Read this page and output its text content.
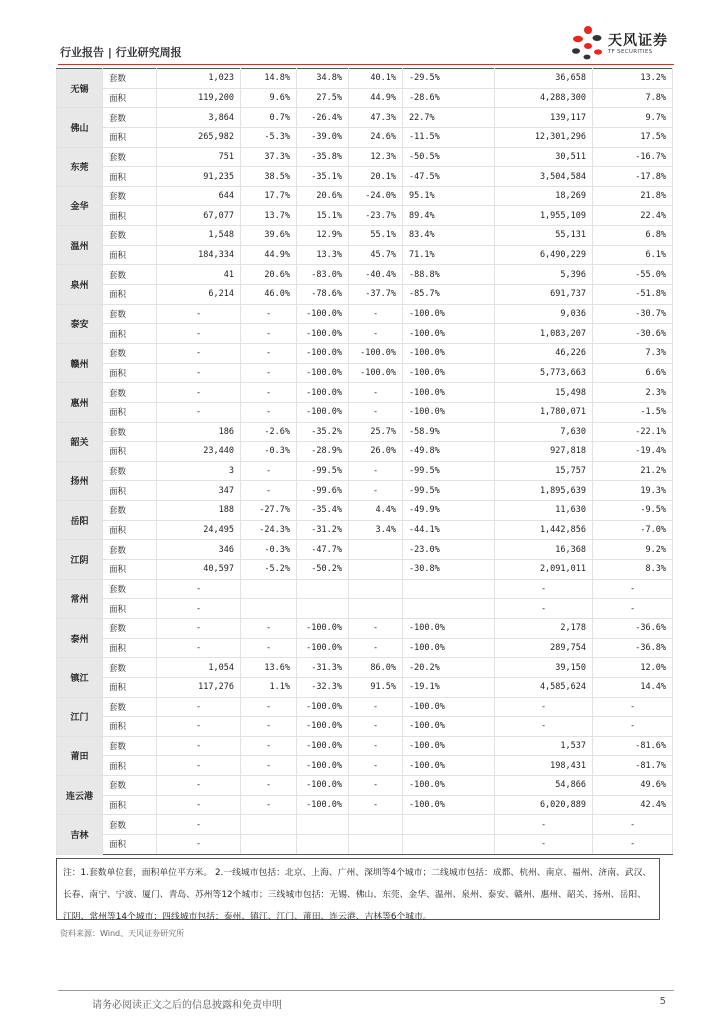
行业报告 | 行业研究周报
天风证券
TF SECURITIES
无锡	套数	1,023	14.8%	34.8%	40.1%	-29.5%	36,658	13.2%
	面积	119,200	9.6%	27.5%	44.9%	-28.6%	4,288,300	7.8%
佛山	套数	3,864	0.7%	-26.4%	47.3%	22.7%	139,117	9.7%
	面积	265,982	-5.3%	-39.0%	24.6%	-11.5%	12,301,296	17.5%
东莞	套数	751	37.3%	-35.8%	12.3%	-50.5%	30,511	-16.7%
	面积	91,235	38.5%	-35.1%	20.1%	-47.5%	3,504,584	-17.8%
金华	套数	644	17.7%	20.6%	-24.0%	95.1%	18,269	21.8%
	面积	67,077	13.7%	15.1%	-23.7%	89.4%	1,955,109	22.4%
温州	套数	1,548	39.6%	12.9%	55.1%	83.4%	55,131	6.8%
	面积	184,334	44.9%	13.3%	45.7%	71.1%	6,490,229	6.1%
泉州	套数	41	20.6%	-83.0%	-40.4%	-88.8%	5,396	-55.0%
	面积	6,214	46.0%	-78.6%	-37.7%	-85.7%	691,737	-51.8%
泰安	套数	-	-	-100.0%	-	-100.0%	9,036	-30.7%
	面积	-	-	-100.0%	-	-100.0%	1,083,207	-30.6%
赣州	套数	-	-	-100.0%	-100.0%	-100.0%	46,226	7.3%
	面积	-	-	-100.0%	-100.0%	-100.0%	5,773,663	6.6%
惠州	套数	-	-	-100.0%	-	-100.0%	15,498	2.3%
	面积	-	-	-100.0%	-	-100.0%	1,780,071	-1.5%
韶关	套数	186	-2.6%	-35.2%	25.7%	-58.9%	7,630	-22.1%
	面积	23,440	-0.3%	-28.9%	26.0%	-49.8%	927,818	-19.4%
扬州	套数	3	-	-99.5%	-	-99.5%	15,757	21.2%
	面积	347	-	-99.6%	-	-99.5%	1,895,639	19.3%
岳阳	套数	188	-27.7%	-35.4%	4.4%	-49.9%	11,630	-9.5%
	面积	24,495	-24.3%	-31.2%	3.4%	-44.1%	1,442,856	-7.0%
江阴	套数	346	-0.3%	-47.7%		-23.0%	16,368	9.2%
	面积	40,597	-5.2%	-50.2%		-30.8%	2,091,011	8.3%
常州	套数	-					-	-
	面积	-					-	-
泰州	套数	-	-	-100.0%	-	-100.0%	2,178	-36.6%
	面积	-	-	-100.0%	-	-100.0%	289,754	-36.8%
镇江	套数	1,054	13.6%	-31.3%	86.0%	-20.2%	39,150	12.0%
	面积	117,276	1.1%	-32.3%	91.5%	-19.1%	4,585,624	14.4%
江门	套数	-	-	-100.0%	-	-100.0%	-	-
	面积	-	-	-100.0%	-	-100.0%	-	-
莆田	套数	-	-	-100.0%	-	-100.0%	1,537	-81.6%
	面积	-	-	-100.0%	-	-100.0%	198,431	-81.7%
连云港	套数	-	-	-100.0%	-	-100.0%	54,866	49.6%
	面积	-	-	-100.0%	-	-100.0%	6,020,889	42.4%
吉林	套数	-					-	-
	面积	-					-	-
注：1.套数单位套，面积单位平方米。 2.一线城市包括：北京、上海、广州、深圳等4个城市；二线城市包括：成都、杭州、南京、福州、济南、武汉、长春、南宁、宁波、厦门、青岛、苏州等12个城市；三线城市包括：无锡、佛山、东莞、金华、温州、泉州、泰安、赣州、惠州、韶关、扬州、岳阳、江阴、常州等14个城市；四线城市包括：泰州、镇江、江门、莆田、连云港、吉林等6个城市。
资料来源：Wind、天风证券研究所
请务必阅读正文之后的信息披露和免责申明	5
